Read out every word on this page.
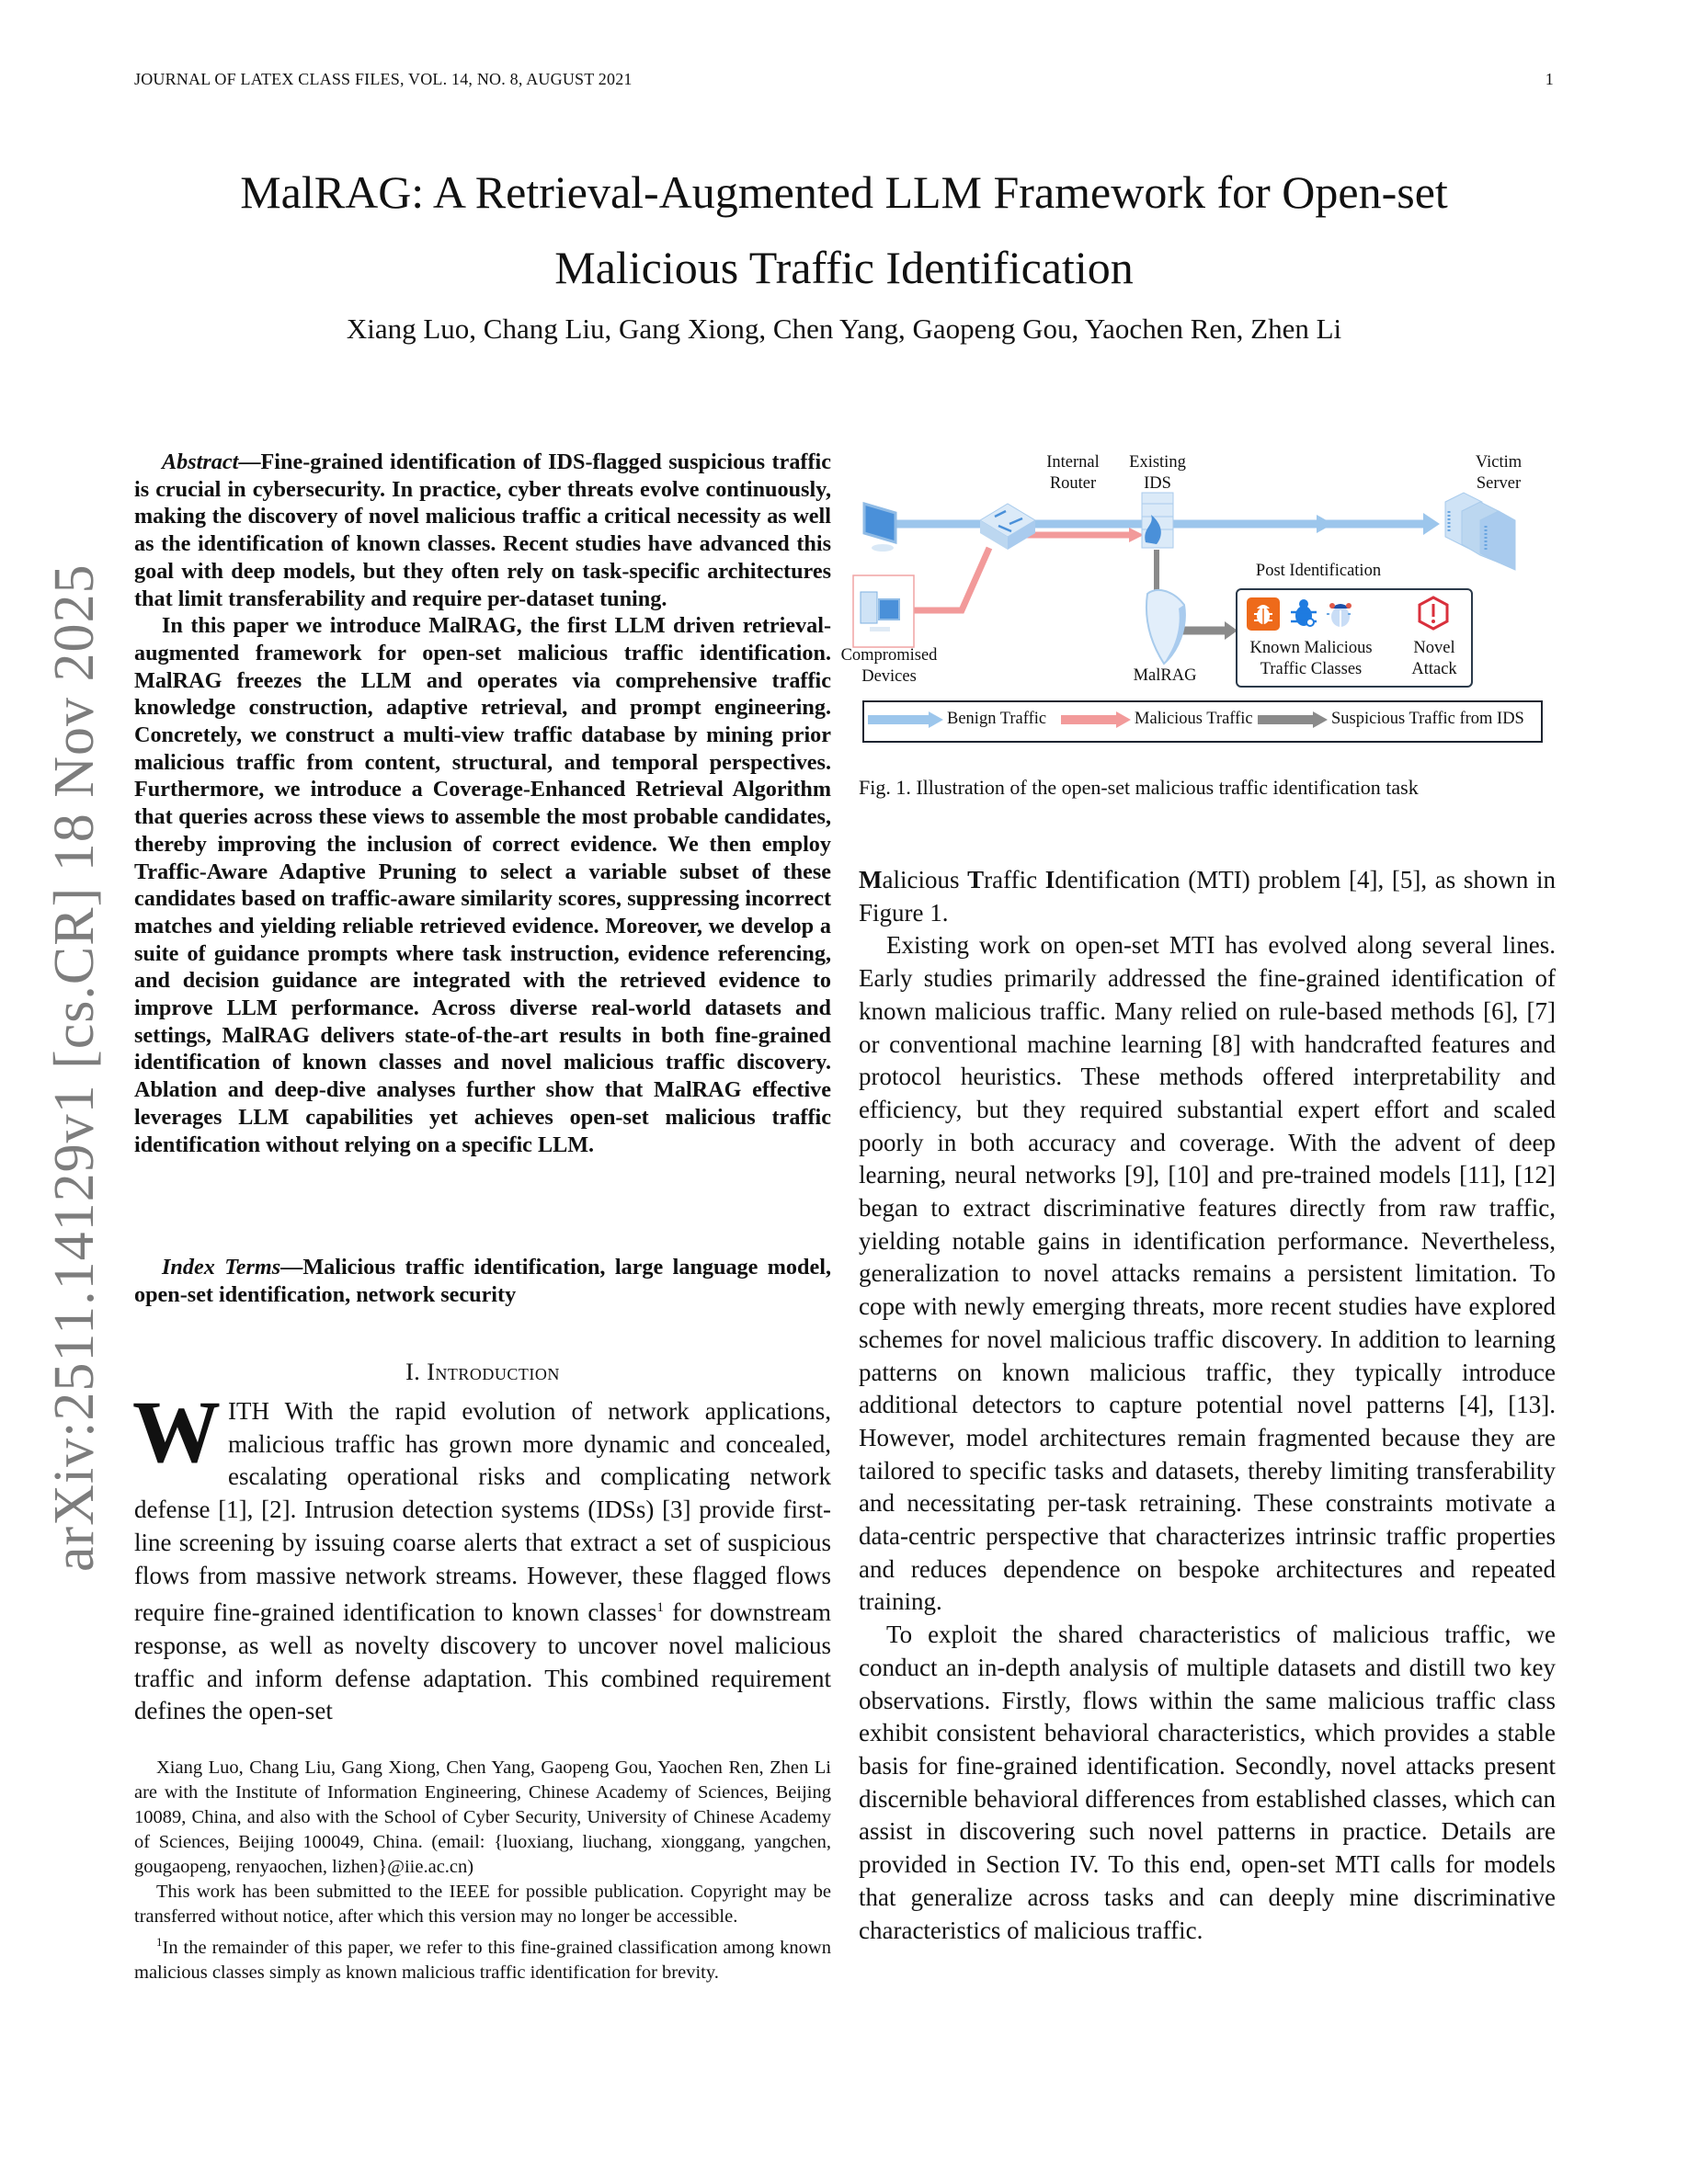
JOURNAL OF LATEX CLASS FILES, VOL. 14, NO. 8, AUGUST 2021	1
arXiv:2511.14129v1 [cs.CR] 18 Nov 2025
MalRAG: A Retrieval-Augmented LLM Framework for Open-set
Malicious Traffic Identification
Xiang Luo, Chang Liu, Gang Xiong, Chen Yang, Gaopeng Gou, Yaochen Ren, Zhen Li

Abstract—Fine-grained identification of IDS-flagged suspicious traffic is crucial in cybersecurity. In practice, cyber threats evolve continuously, making the discovery of novel malicious traffic a critical necessity as well as the identification of known classes. Recent studies have advanced this goal with deep models, but they often rely on task-specific architectures that limit transferability and require per-dataset tuning.

In this paper we introduce MalRAG, the first LLM driven retrieval-augmented framework for open-set malicious traffic identification. MalRAG freezes the LLM and operates via comprehensive traffic knowledge construction, adaptive retrieval, and prompt engineering. Concretely, we construct a multi-view traffic database by mining prior malicious traffic from content, structural, and temporal perspectives. Furthermore, we introduce a Coverage-Enhanced Retrieval Algorithm that queries across these views to assemble the most probable candidates, thereby improving the inclusion of correct evidence. We then employ Traffic-Aware Adaptive Pruning to select a variable subset of these candidates based on traffic-aware similarity scores, suppressing incorrect matches and yielding reliable retrieved evidence. Moreover, we develop a suite of guidance prompts where task instruction, evidence referencing, and decision guidance are integrated with the retrieved evidence to improve LLM performance. Across diverse real-world datasets and settings, MalRAG delivers state-of-the-art results in both fine-grained identification of known classes and novel malicious traffic discovery. Ablation and deep-dive analyses further show that MalRAG effective leverages LLM capabilities yet achieves open-set malicious traffic identification without relying on a specific LLM.

Index Terms—Malicious traffic identification, large language model, open-set identification, network security
I. Introduction

WITH With the rapid evolution of network applications, malicious traffic has grown more dynamic and concealed, escalating operational risks and complicating network defense [1], [2]. Intrusion detection systems (IDSs) [3] provide first-line screening by issuing coarse alerts that extract a set of suspicious flows from massive network streams. However, these flagged flows require fine-grained identification to known classes$^1$ for downstream response, as well as novelty discovery to uncover novel malicious traffic and inform defense adaptation. This combined requirement defines the open-set

Xiang Luo, Chang Liu, Gang Xiong, Chen Yang, Gaopeng Gou, Yaochen Ren, Zhen Li are with the Institute of Information Engineering, Chinese Academy of Sciences, Beijing 10089, China, and also with the School of Cyber Security, University of Chinese Academy of Sciences, Beijing 100049, China. (email: {luoxiang, liuchang, xionggang, yangchen, gougaopeng, renyaochen, lizhen}@iie.ac.cn)

This work has been submitted to the IEEE for possible publication. Copyright may be transferred without notice, after which this version may no longer be accessible.

$^1$In the remainder of this paper, we refer to this fine-grained classification among known malicious classes simply as known malicious traffic identification for brevity.

Internal
Router
Existing
IDS
Victim
Server
Compromised
Devices	MalRAG
Post Identification
Known Malicious
Traffic Classes
Novel
Attack
Benign Traffic	Malicious Traffic	Suspicious Traffic from IDS
Fig. 1. Illustration of the open-set malicious traffic identification task

Malicious Traffic Identification (MTI) problem [4], [5], as shown in Figure 1.

Existing work on open-set MTI has evolved along several lines. Early studies primarily addressed the fine-grained identification of known malicious traffic. Many relied on rule-based methods [6], [7] or conventional machine learning [8] with handcrafted features and protocol heuristics. These methods offered interpretability and efficiency, but they required substantial expert effort and scaled poorly in both accuracy and coverage. With the advent of deep learning, neural networks [9], [10] and pre-trained models [11], [12] began to extract discriminative features directly from raw traffic, yielding notable gains in identification performance. Nevertheless, generalization to novel attacks remains a persistent limitation. To cope with newly emerging threats, more recent studies have explored schemes for novel malicious traffic discovery. In addition to learning patterns on known malicious traffic, they typically introduce additional detectors to capture potential novel patterns [4], [13]. However, model architectures remain fragmented because they are tailored to specific tasks and datasets, thereby limiting transferability and necessitating per-task retraining. These constraints motivate a data-centric perspective that characterizes intrinsic traffic properties and reduces dependence on bespoke architectures and repeated training.

To exploit the shared characteristics of malicious traffic, we conduct an in-depth analysis of multiple datasets and distill two key observations. Firstly, flows within the same malicious traffic class exhibit consistent behavioral characteristics, which provides a stable basis for fine-grained identification. Secondly, novel attacks present discernible behavioral differences from established classes, which can assist in discovering such novel patterns in practice. Details are provided in Section IV. To this end, open-set MTI calls for models that generalize across tasks and can deeply mine discriminative characteristics of malicious traffic.
